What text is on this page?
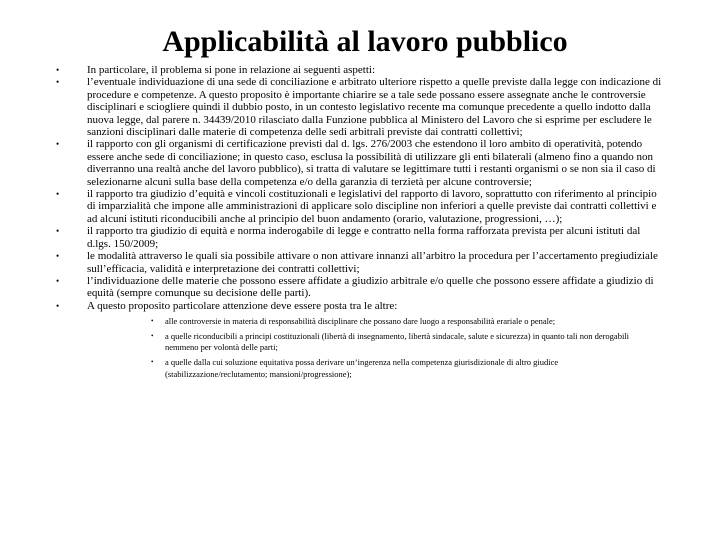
Applicabilità al lavoro pubblico
•	In particolare, il problema si pone in relazione ai seguenti aspetti:
•	l’eventuale individuazione di una sede di conciliazione e arbitrato ulteriore rispetto a quelle previste dalla legge con indicazione di procedure e competenze. A questo proposito è importante chiarire se a tale sede possano essere assegnate anche le controversie disciplinari e sciogliere quindi il dubbio posto, in un contesto legislativo recente ma comunque precedente a quello indotto dalla nuova legge, dal parere n. 34439/2010 rilasciato dalla Funzione pubblica al Ministero del Lavoro che si esprime per escludere le sanzioni disciplinari dalle materie di competenza delle sedi arbitrali previste dai contratti collettivi;
•	il rapporto con gli organismi di certificazione previsti dal d. lgs. 276/2003 che estendono il loro ambito di operatività, potendo essere anche sede di conciliazione; in questo caso, esclusa la possibilità di utilizzare gli enti bilaterali (almeno fino a quando non diverranno una realtà anche del lavoro pubblico), si tratta di valutare se legittimare tutti i restanti organismi o se non sia il caso di selezionarne alcuni sulla base della competenza e/o della garanzia di terzietà per alcune controversie;
•	il rapporto tra giudizio d’equità e vincoli costituzionali e legislativi del rapporto di lavoro, soprattutto con riferimento al principio di imparzialità che impone alle amministrazioni di applicare solo discipline non inferiori a quelle previste dai contratti collettivi e ad alcuni istituti riconducibili anche al principio del buon andamento (orario, valutazione, progressioni, …);
•	il rapporto tra giudizio di equità e norma inderogabile di legge e contratto nella forma rafforzata prevista per alcuni istituti dal d.lgs. 150/2009;
•	le modalità attraverso le quali sia possibile attivare o non attivare innanzi all’arbitro la procedura per l’accertamento pregiudiziale sull’efficacia, validità e interpretazione dei contratti collettivi;
•	l’individuazione delle materie che possono essere affidate a giudizio arbitrale e/o quelle che possono essere affidate a giudizio di equità (sempre comunque su decisione delle parti).
•	A questo proposito particolare attenzione deve essere posta tra le altre:
• alle controversie in materia di responsabilità disciplinare che possano dare luogo a responsabilità erariale o penale;
• a quelle riconducibili a principi costituzionali (libertà di insegnamento, libertà sindacale, salute e sicurezza) in quanto tali non derogabili nemmeno per volontà delle parti;
• a quelle dalla cui soluzione equitativa possa derivare un’ingerenza nella competenza giurisdizionale di altro giudice (stabilizzazione/reclutamento; mansioni/progressione);
